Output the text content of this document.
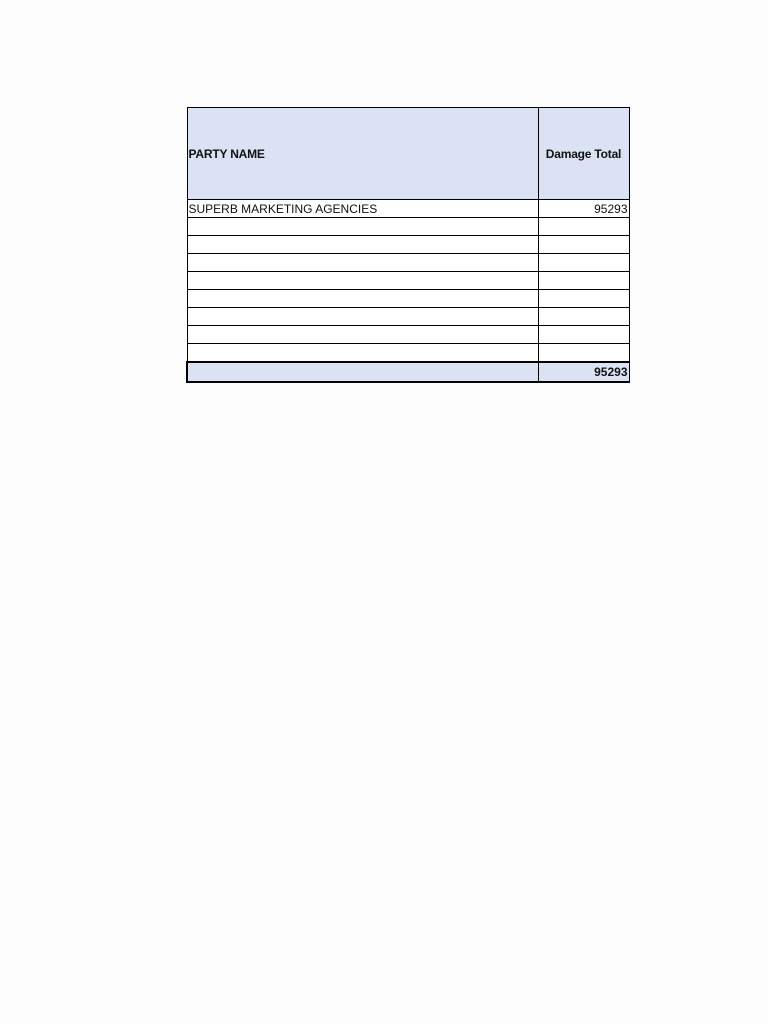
PARTY NAME	Damage Total
SUPERB MARKETING AGENCIES	95293

	95293
